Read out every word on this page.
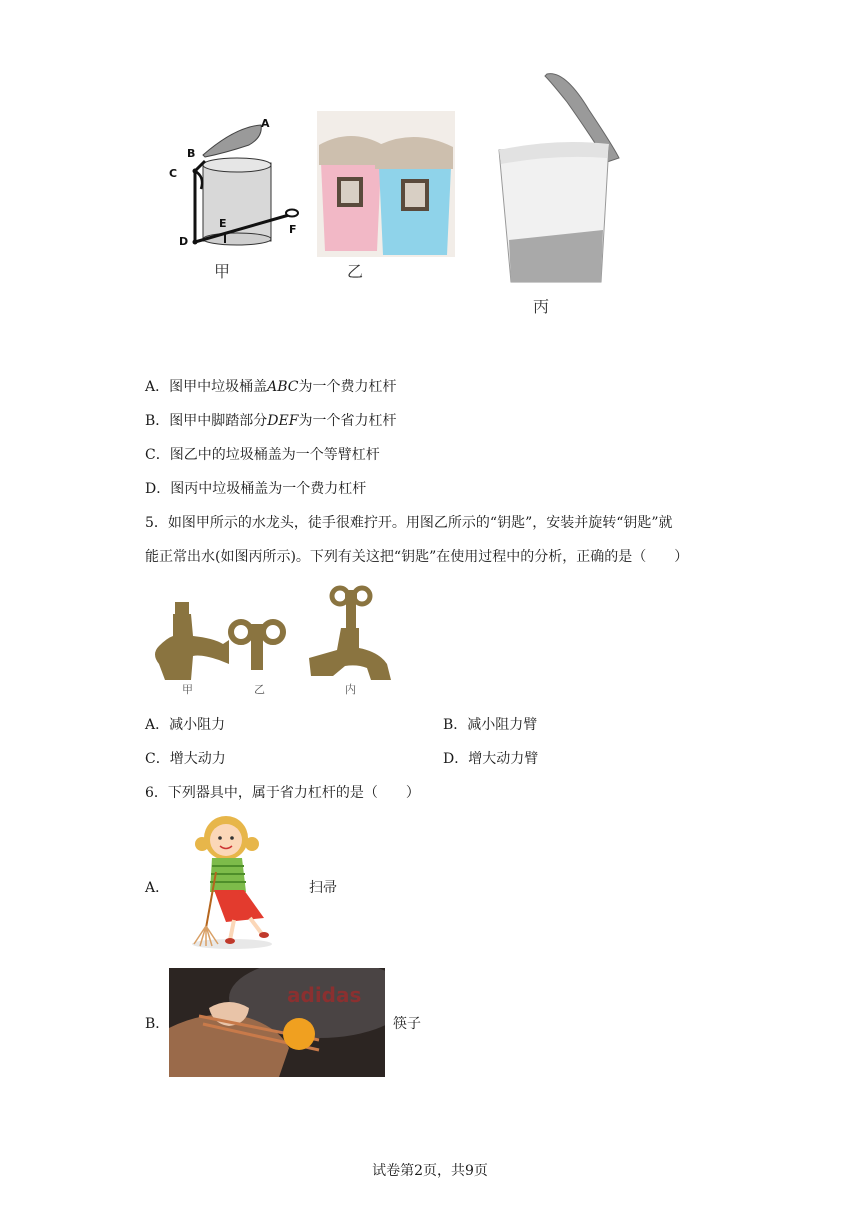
A
B
C
D
E	F
甲	乙
丙
A．图甲中垃圾桶盖ABC为一个费力杠杆
B．图甲中脚踏部分DEF为一个省力杠杆
C．图乙中的垃圾桶盖为一个等臂杠杆
D．图丙中垃圾桶盖为一个费力杠杆
5．如图甲所示的水龙头，徒手很难拧开。用图乙所示的“钥匙”，安装并旋转“钥匙”就
能正常出水(如图丙所示)。下列有关这把“钥匙”在使用过程中的分析，正确的是（　　）
甲	乙	内
A．减小阻力	B．减小阻力臂
C．增大动力	D．增大动力臂
6．下列器具中，属于省力杠杆的是（　　）
A．	扫帚
B．
adidas
筷子
试卷第2页，共9页
